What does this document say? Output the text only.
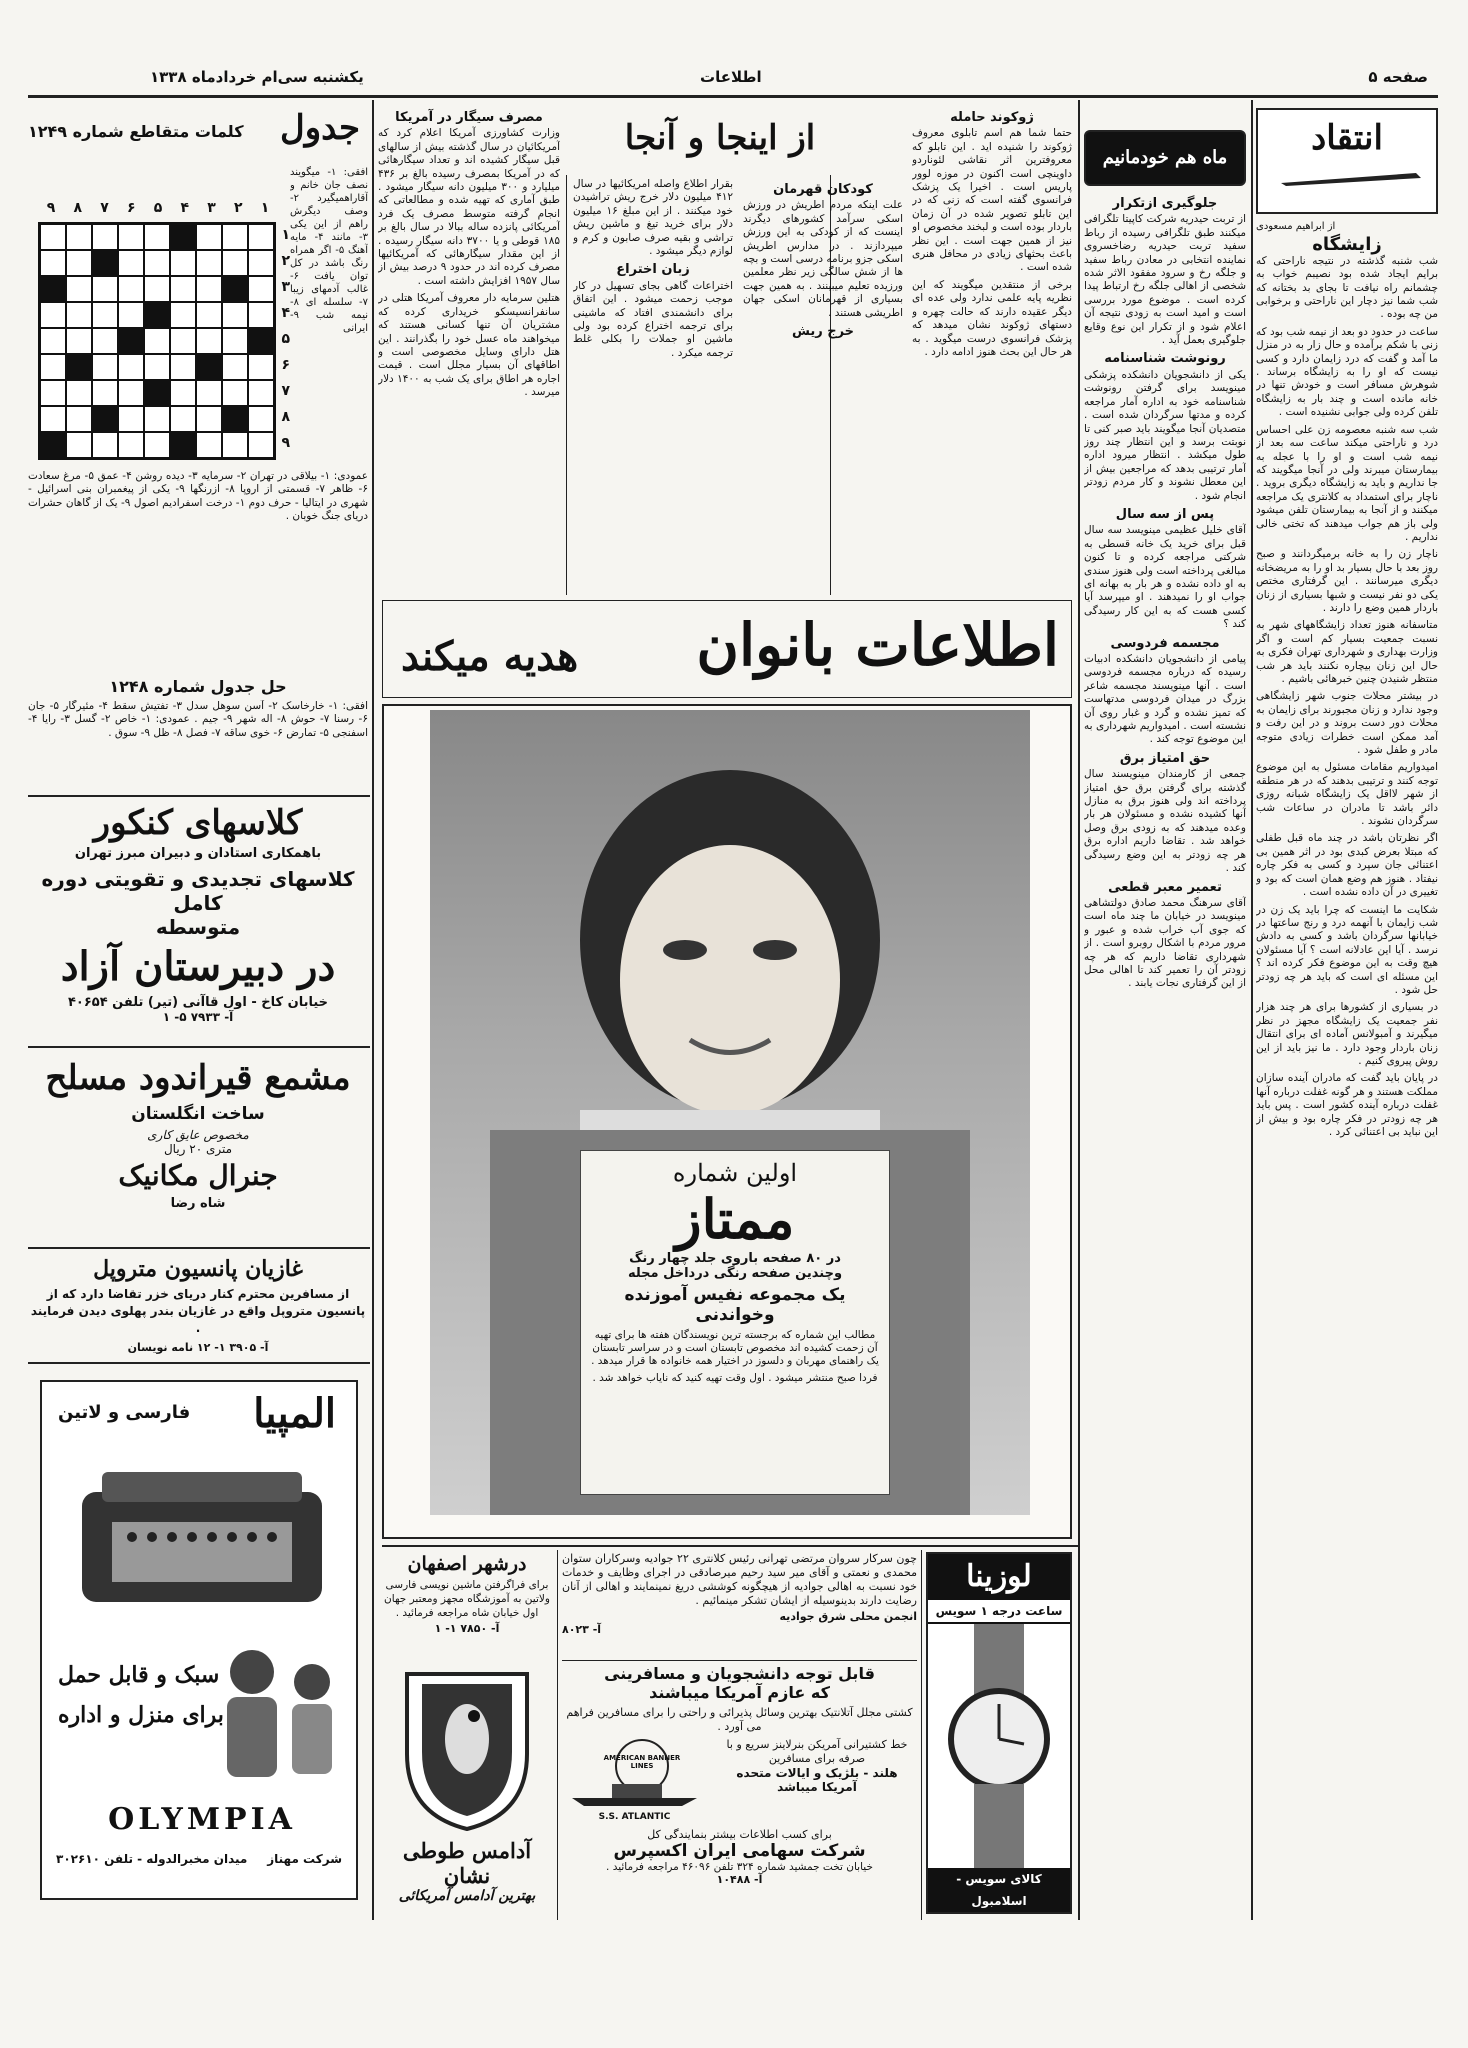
صفحه ۵
اطلاعات
یکشنبه سی‌ام خردادماه ۱۳۳۸
انتقاد
از ابراهیم مسعودی
زایشگاه

شب شنبه گذشته در نتیجه ناراحتی که برایم ایجاد شده بود نصیبم خواب به چشمانم راه نیافت تا بجای بد بختانه که شب شما نیز دچار این ناراحتی و برخوابی من چه بوده .

ساعت در حدود دو بعد از نیمه شب بود که زنی با شکم برآمده و حال زار به در منزل ما آمد و گفت که درد زایمان دارد و کسی نیست که او را به زایشگاه برساند . شوهرش مسافر است و خودش تنها در خانه مانده است و چند بار به زایشگاه تلفن کرده ولی جوابی نشنیده است .

شب سه شنبه معصومه زن علی احساس درد و ناراحتی میکند ساعت سه بعد از نیمه شب است و او را با عجله به بیمارستان میبرند ولی در آنجا میگویند که جا نداریم و باید به زایشگاه دیگری بروید . ناچار برای استمداد به کلانتری یک مراجعه میکنند و از آنجا به بیمارستان تلفن میشود ولی باز هم جواب میدهند که تختی خالی نداریم .

ناچار زن را به خانه برمیگردانند و صبح روز بعد با حال بسیار بد او را به مریضخانه دیگری میرسانند . این گرفتاری مختص یکی دو نفر نیست و شبها بسیاری از زنان باردار همین وضع را دارند .

متاسفانه هنوز تعداد زایشگاههای شهر به نسبت جمعیت بسیار کم است و اگر وزارت بهداری و شهرداری تهران فکری به حال این زنان بیچاره نکنند باید هر شب منتظر شنیدن چنین خبرهائی باشیم .

در بیشتر محلات جنوب شهر زایشگاهی وجود ندارد و زنان مجبورند برای زایمان به محلات دور دست بروند و در این رفت و آمد ممکن است خطرات زیادی متوجه مادر و طفل شود .

امیدواریم مقامات مسئول به این موضوع توجه کنند و ترتیبی بدهند که در هر منطقه از شهر لااقل یک زایشگاه شبانه روزی دائر باشد تا مادران در ساعات شب سرگردان نشوند .

اگر نظرتان باشد در چند ماه قبل طفلی که مبتلا بعرض کبدی بود در اثر همین بی اعتنائی جان سپرد و کسی به فکر چاره نیفتاد . هنوز هم وضع همان است که بود و تغییری در آن داده نشده است .

شکایت ما اینست که چرا باید یک زن در شب زایمان با آنهمه درد و رنج ساعتها در خیابانها سرگردان باشد و کسی به دادش نرسد . آیا این عادلانه است ؟ آیا مسئولان هیچ وقت به این موضوع فکر کرده اند ؟ این مسئله ای است که باید هر چه زودتر حل شود .

در بسیاری از کشورها برای هر چند هزار نفر جمعیت یک زایشگاه مجهز در نظر میگیرند و آمبولانس آماده ای برای انتقال زنان باردار وجود دارد . ما نیز باید از این روش پیروی کنیم .

در پایان باید گفت که مادران آینده سازان مملکت هستند و هر گونه غفلت درباره آنها غفلت درباره آینده کشور است . پس باید هر چه زودتر در فکر چاره بود و بیش از این نباید بی اعتنائی کرد .

ماه هم خودمانیم
جلوگیری ازتکرار

از تربت حیدریه شرکت کاپیتا تلگرافی میکنند طبق تلگرافی رسیده از رباط سفید تربت حیدریه رضاخسروی نماینده انتخابی در معادن رباط سفید و جلگه رخ و سرود مفقود الاثر شده شخصی از اهالی جلگه رخ ارتباط پیدا کرده است . موضوع مورد بررسی است و امید است به زودی نتیجه آن اعلام شود و از تکرار این نوع وقایع جلوگیری بعمل آید .

رونوشت شناسنامه

یکی از دانشجویان دانشکده پزشکی مینویسد برای گرفتن رونوشت شناسنامه خود به اداره آمار مراجعه کرده و مدتها سرگردان شده است . متصدیان آنجا میگویند باید صبر کنی تا نوبتت برسد و این انتظار چند روز طول میکشد . انتظار میرود اداره آمار ترتیبی بدهد که مراجعین بیش از این معطل نشوند و کار مردم زودتر انجام شود .

پس از سه سال

آقای خلیل عظیمی مینویسد سه سال قبل برای خرید یک خانه قسطی به شرکتی مراجعه کرده و تا کنون مبالغی پرداخته است ولی هنوز سندی به او داده نشده و هر بار به بهانه ای جواب او را نمیدهند . او میپرسد آیا کسی هست که به این کار رسیدگی کند ؟

مجسمه فردوسی

پیامی از دانشجویان دانشکده ادبیات رسیده که درباره مجسمه فردوسی است . آنها مینویسند مجسمه شاعر بزرگ در میدان فردوسی مدتهاست که تمیز نشده و گرد و غبار روی آن نشسته است . امیدواریم شهرداری به این موضوع توجه کند .

حق امتیاز برق

جمعی از کارمندان مینویسند سال گذشته برای گرفتن برق حق امتیاز پرداخته اند ولی هنوز برق به منازل آنها کشیده نشده و مسئولان هر بار وعده میدهند که به زودی برق وصل خواهد شد . تقاضا داریم اداره برق هر چه زودتر به این وضع رسیدگی کند .

تعمیر معبر قطعی

آقای سرهنگ محمد صادق دولتشاهی مینویسد در خیابان ما چند ماه است که جوی آب خراب شده و عبور و مرور مردم با اشکال روبرو است . از شهرداری تقاضا داریم که هر چه زودتر آن را تعمیر کند تا اهالی محل از این گرفتاری نجات یابند .

از اینجا و آنجا
ژوکوند حامله

حتما شما هم اسم تابلوی معروف ژوکوند را شنیده اید . این تابلو که معروفترین اثر نقاشی لئوناردو داوینچی است اکنون در موزه لوور پاریس است . اخیرا یک پزشک فرانسوی گفته است که زنی که در این تابلو تصویر شده در آن زمان باردار بوده است و لبخند مخصوص او نیز از همین جهت است . این نظر باعث بحثهای زیادی در محافل هنری شده است .

برخی از منتقدین میگویند که این نظریه پایه علمی ندارد ولی عده ای دیگر عقیده دارند که حالت چهره و دستهای ژوکوند نشان میدهد که پزشک فرانسوی درست میگوید . به هر حال این بحث هنوز ادامه دارد .

کودکان قهرمان

علت اینکه مردم اطریش در ورزش اسکی سرآمد کشورهای دیگرند اینست که از کودکی به این ورزش میپردازند . در مدارس اطریش اسکی جزو برنامه درسی است و بچه ها از شش سالگی زیر نظر معلمین ورزیده تعلیم میبینند . به همین جهت بسیاری از قهرمانان اسکی جهان اطریشی هستند .

خرج ریش

بقرار اطلاع واصله امریکائیها در سال ۴۱۲ میلیون دلار خرج ریش تراشیدن خود میکنند . از این مبلغ ۱۶ میلیون دلار برای خرید تیغ و ماشین ریش تراشی و بقیه صرف صابون و کرم و لوازم دیگر میشود .

زبان اختراع

اختراعات گاهی بجای تسهیل در کار موجب زحمت میشود . این اتفاق برای دانشمندی افتاد که ماشینی برای ترجمه اختراع کرده بود ولی ماشین او جملات را بکلی غلط ترجمه میکرد .

مصرف سیگار در آمریکا

وزارت کشاورزی آمریکا اعلام کرد که آمریکائیان در سال گذشته بیش از سالهای قبل سیگار کشیده اند و تعداد سیگارهائی که در آمریکا بمصرف رسیده بالغ بر ۴۳۶ میلیارد و ۳۰۰ میلیون دانه سیگار میشود . طبق آماری که تهیه شده و مطالعاتی که انجام گرفته متوسط مصرف یک فرد آمریکائی پانزده ساله ببالا در سال بالغ بر ۱۸۵ قوطی و یا ۳۷۰۰ دانه سیگار رسیده . از این مقدار سیگارهائی که آمریکائیها مصرف کرده اند در حدود ۹ درصد بیش از سال ۱۹۵۷ افزایش داشته است .

هتلین سرمایه دار معروف آمریکا هتلی در سانفرانسیسکو خریداری کرده که مشتریان آن تنها کسانی هستند که میخواهند ماه عسل خود را بگذرانند . این هتل دارای وسایل مخصوصی است و اطاقهای آن بسیار مجلل است . قیمت اجاره هر اطاق برای یک شب به ۱۴۰۰ دلار میرسد .

اطلاعات بانوان
هدیه میکند
اولین شماره
ممتاز
در ۸۰ صفحه باروی جلد چهار رنگ
وچندین صفحه رنگی درداخل مجله
یک مجموعه نفیس آموزنده
وخواندنی
مطالب این شماره که برجسته ترین نویسندگان هفته ها برای تهیه آن زحمت کشیده اند مخصوص تابستان است و در سراسر تابستان یک راهنمای مهربان و دلسوز در اختیار همه خانواده ها قرار میدهد .
فردا صبح منتشر میشود . اول وقت تهیه کنید که نایاب خواهد شد .
جدول
کلمات متقاطع شماره ۱۲۴۹
۹	۸	۷	۶	۵	۴	۳	۲	۱
۱
۲
۳
۴
۵
۶
۷
۸
۹
افقی: ۱- میگویند نصف جان خانم و آقاراهمیگیرد ۲- وصف دیگرش راهم از این یکی ۳- مانند ۴- مایه آهنگ ۵- اگر همراه رنگ باشد در کل توان یافت ۶- غالب آدمهای زیبا ۷- سلسله ای ۸- نیمه شب ۹- ایرانی

عمودی: ۱- بیلاقی در تهران ۲- سرمایه ۳- دیده روشن ۴- عمق ۵- مرغ سعادت ۶- ظاهر ۷- قسمتی از اروپا ۸- ازرنگها ۹- یکی از پیغمبران بنی اسرائیل - شهری در ایتالیا - حرف دوم ۱- درخت اسفرادیم اصول ۹- یک از گاهان حشرات دریای جنگ خوبان .

حل جدول شماره ۱۲۴۸

افقی: ۱- خارخاسک ۲- آسن سوهل سدل ۳- تفتیش سقط ۴- مئیرگار ۵- جان ۶- رسنا ۷- حوش ۸- اله شهر ۹- جیم . عمودی: ۱- خاص ۲- گسل ۳- رایا ۴- اسفنجی ۵- تمارض ۶- خوی ساقه ۷- فصل ۸- ظل ۹- سوق .

کلاسهای کنکور
باهمکاری استادان و دبیران مبرز تهران
کلاسهای تجدیدی و تقویتی دوره کامل
متوسطه
در دبیرستان آزاد
خیابان کاخ - اول قاآنی (تیر) تلفن ۴۰۶۵۴
آ- ۷۹۳۳ ۵- ۱
مشمع قیراندود مسلح
ساخت انگلستان
مخصوص عایق کاری
متری ۲۰ ریال
جنرال مکانیک
شاه رضا
غازیان پانسیون متروپل
از مسافرین محترم کنار دریای خزر تقاضا دارد که از پانسیون متروپل واقع در غازیان بندر پهلوی دیدن فرمایند .
آ- ۳۹۰۵ ۱- ۱۲ نامه نویسان
المپیا
فارسی و لاتین
سبک و قابل حمل
برای منزل و اداره
OLYMPIA
شرکت مهناز
میدان مخبرالدوله - تلفن ۳۰۲۶۱۰
درشهر اصفهان
برای فراگرفتن ماشین نویسی فارسی ولاتین به آموزشگاه مجهز ومعتبر جهان اول خیابان شاه مراجعه فرمائید .
آ- ۷۸۵۰ ۱- ۱
چون سرکار سروان مرتضی تهرانی رئیس کلانتری ۲۲ جوادیه وسرکاران ستوان محمدی و نعمتی و آقای میر سید رحیم میرصادقی در اجرای وظایف و خدمات خود نسبت به اهالی جوادیه از هیچگونه کوششی دریغ نمینمایند و اهالی از آنان رضایت دارند بدینوسیله از ایشان تشکر مینمائیم .
انجمن محلی شرق جوادیه
آ- ۸۰۲۳
قابل توجه دانشجویان و مسافرینی
که عازم آمریکا میباشند
کشتی مجلل آتلانتیک بهترین وسائل پذیرائی و راحتی را برای مسافرین فراهم می آورد .
خط کشتیرانی آمریکن بنرلاینز سریع و با صرفه برای مسافرین
هلند - بلژیک و ایالات متحده آمریکا میباشد
AMERICAN BANNER LINES
S.S. ATLANTIC
برای کسب اطلاعات بیشتر بنمایندگی کل
شرکت سهامی ایران اکسپرس
خیابان تخت جمشید شماره ۳۲۴ تلفن ۴۶۰۹۶ مراجعه فرمائید .
آ- ۱۰۴۸۸
آدامس طوطی نشان
بهترین آدامس آمریکائی
لوزینا
ساعت درجه ۱ سویس
کالای سویس - اسلامبول
